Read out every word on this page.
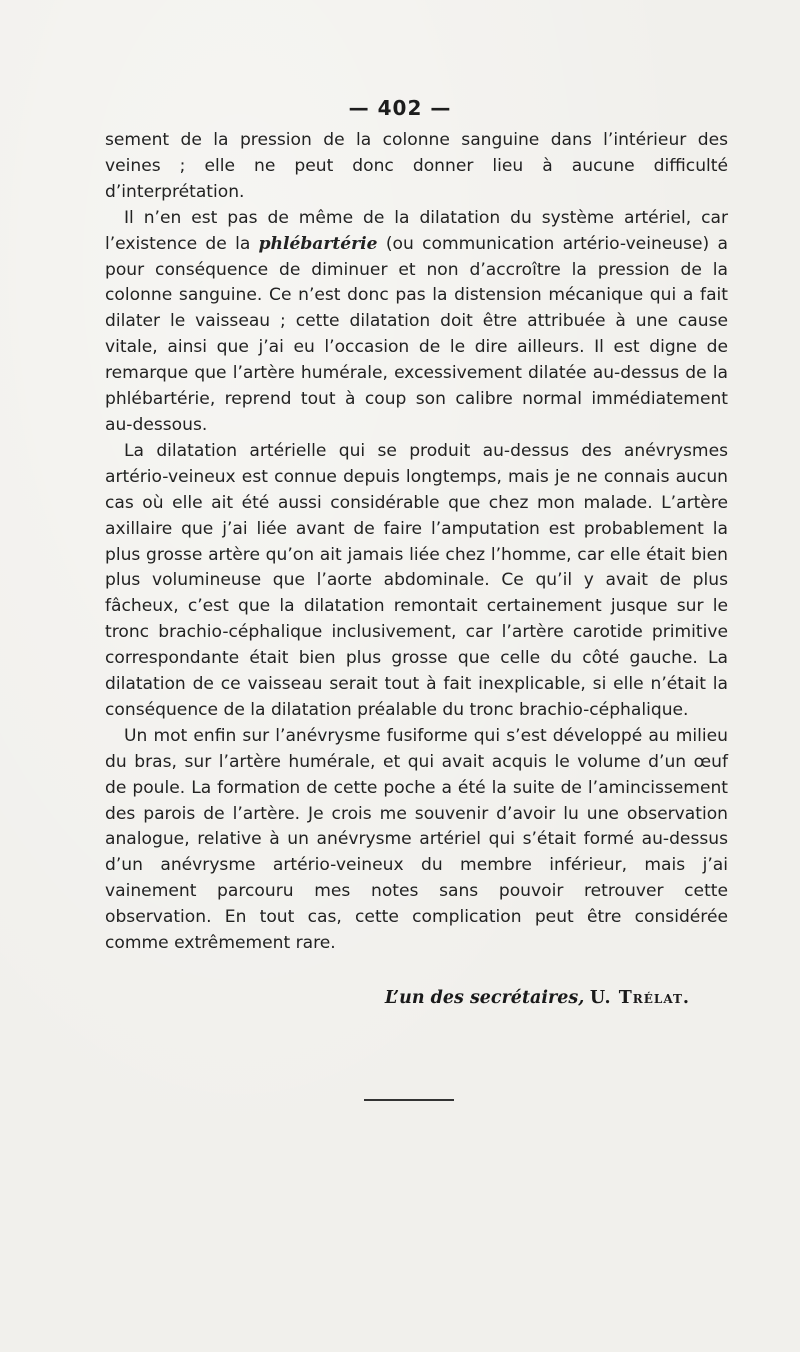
— 402 —

sement de la pression de la colonne sanguine dans l’intérieur des veines ; elle ne peut donc donner lieu à aucune difficulté d’interprétation.

Il n’en est pas de même de la dilatation du système artériel, car l’existence de la phlébartérie (ou communication artério-veineuse) a pour conséquence de diminuer et non d’accroître la pression de la colonne sanguine. Ce n’est donc pas la distension mécanique qui a fait dilater le vaisseau ; cette dilatation doit être attribuée à une cause vitale, ainsi que j’ai eu l’occasion de le dire ailleurs. Il est digne de remarque que l’artère humérale, excessivement dilatée au-dessus de la phlébartérie, reprend tout à coup son calibre normal immédiatement au-dessous.

La dilatation artérielle qui se produit au-dessus des anévrysmes artério-veineux est connue depuis longtemps, mais je ne connais aucun cas où elle ait été aussi considérable que chez mon malade. L’artère axillaire que j’ai liée avant de faire l’amputation est probablement la plus grosse artère qu’on ait jamais liée chez l’homme, car elle était bien plus volumineuse que l’aorte abdominale. Ce qu’il y avait de plus fâcheux, c’est que la dilatation remontait certainement jusque sur le tronc brachio-céphalique inclusivement, car l’artère carotide primitive correspondante était bien plus grosse que celle du côté gauche. La dilatation de ce vaisseau serait tout à fait inexplicable, si elle n’était la conséquence de la dilatation préalable du tronc brachio-céphalique.

Un mot enfin sur l’anévrysme fusiforme qui s’est développé au milieu du bras, sur l’artère humérale, et qui avait acquis le volume d’un œuf de poule. La formation de cette poche a été la suite de l’amincissement des parois de l’artère. Je crois me souvenir d’avoir lu une observation analogue, relative à un anévrysme artériel qui s’était formé au-dessus d’un anévrysme artério-veineux du membre inférieur, mais j’ai vainement parcouru mes notes sans pouvoir retrouver cette observation. En tout cas, cette complication peut être considérée comme extrêmement rare.

L’un des secrétaires, U. Trélat.
